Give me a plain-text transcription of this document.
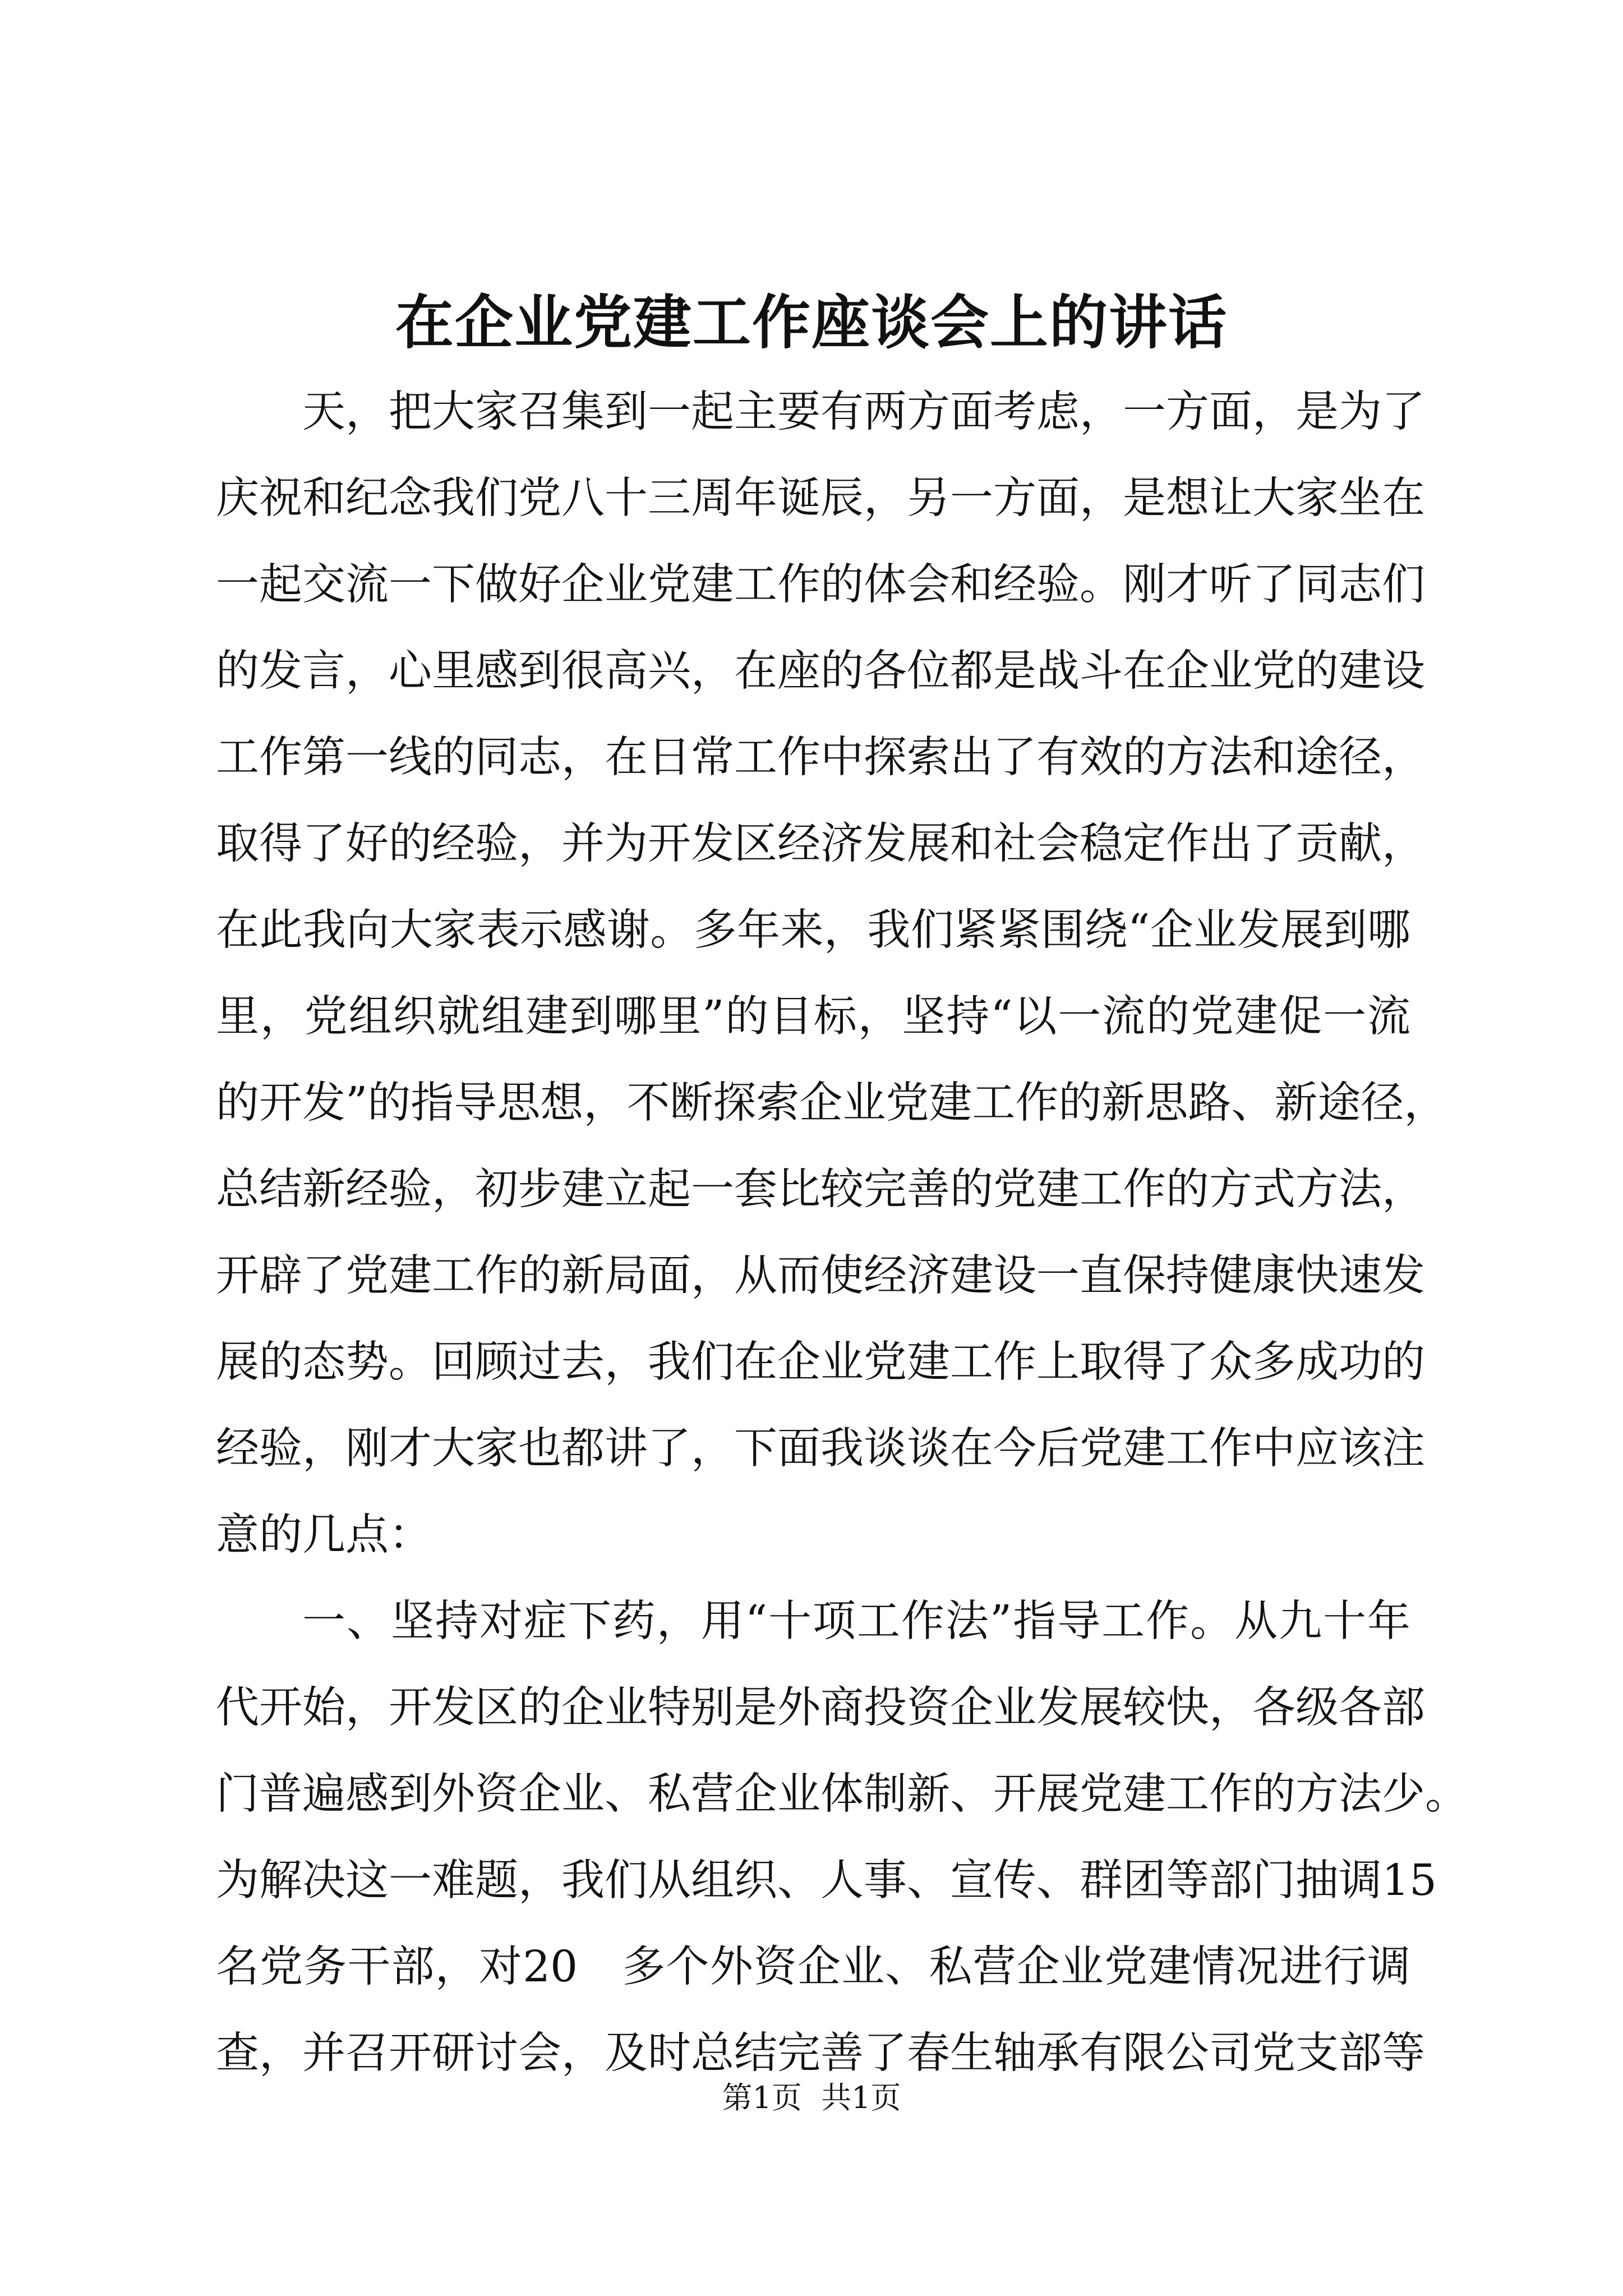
在企业党建工作座谈会上的讲话
天，把大家召集到一起主要有两方面考虑，一方面，是为了
庆祝和纪念我们党八十三周年诞辰，另一方面，是想让大家坐在
一起交流一下做好企业党建工作的体会和经验。刚才听了同志们
的发言，心里感到很高兴，在座的各位都是战斗在企业党的建设
工作第一线的同志，在日常工作中探索出了有效的方法和途径，
取得了好的经验，并为开发区经济发展和社会稳定作出了贡献，
在此我向大家表示感谢。多年来，我们紧紧围绕“企业发展到哪
里，党组织就组建到哪里”的目标，坚持“以一流的党建促一流
的开发”的指导思想，不断探索企业党建工作的新思路、新途径，
总结新经验，初步建立起一套比较完善的党建工作的方式方法，
开辟了党建工作的新局面，从而使经济建设一直保持健康快速发
展的态势。回顾过去，我们在企业党建工作上取得了众多成功的
经验，刚才大家也都讲了，下面我谈谈在今后党建工作中应该注
意的几点：
一、坚持对症下药，用“十项工作法”指导工作。从九十年
代开始，开发区的企业特别是外商投资企业发展较快，各级各部
门普遍感到外资企业、私营企业体制新、开展党建工作的方法少。
为解决这一难题，我们从组织、人事、宣传、群团等部门抽调15
名党务干部，对20　多个外资企业、私营企业党建情况进行调
查，并召开研讨会，及时总结完善了春生轴承有限公司党支部等
第1页  共1页
